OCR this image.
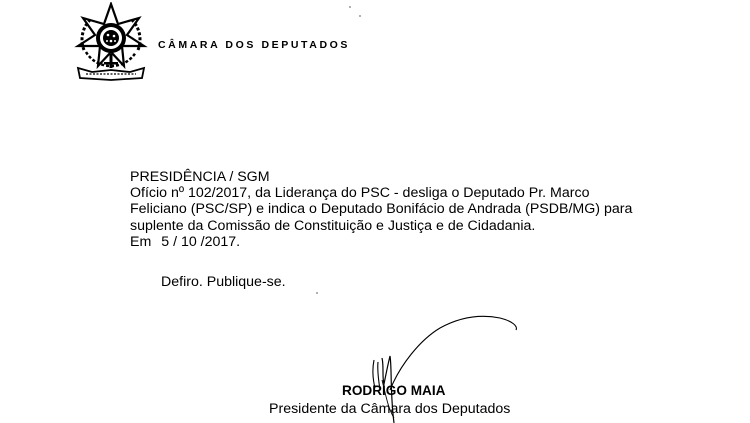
CÂMARA DOS DEPUTADOS
PRESIDÊNCIA / SGM
Ofício nº 102/2017, da Liderança do PSC - desliga o Deputado Pr. Marco
Feliciano (PSC/SP) e indica o Deputado Bonifácio de Andrada (PSDB/MG) para
suplente da Comissão de Constituição e Justiça e de Cidadania.
Em 5 / 10 /2017.
Defiro. Publique-se.
RODRIGO MAIA
Presidente da Câmara dos Deputados
